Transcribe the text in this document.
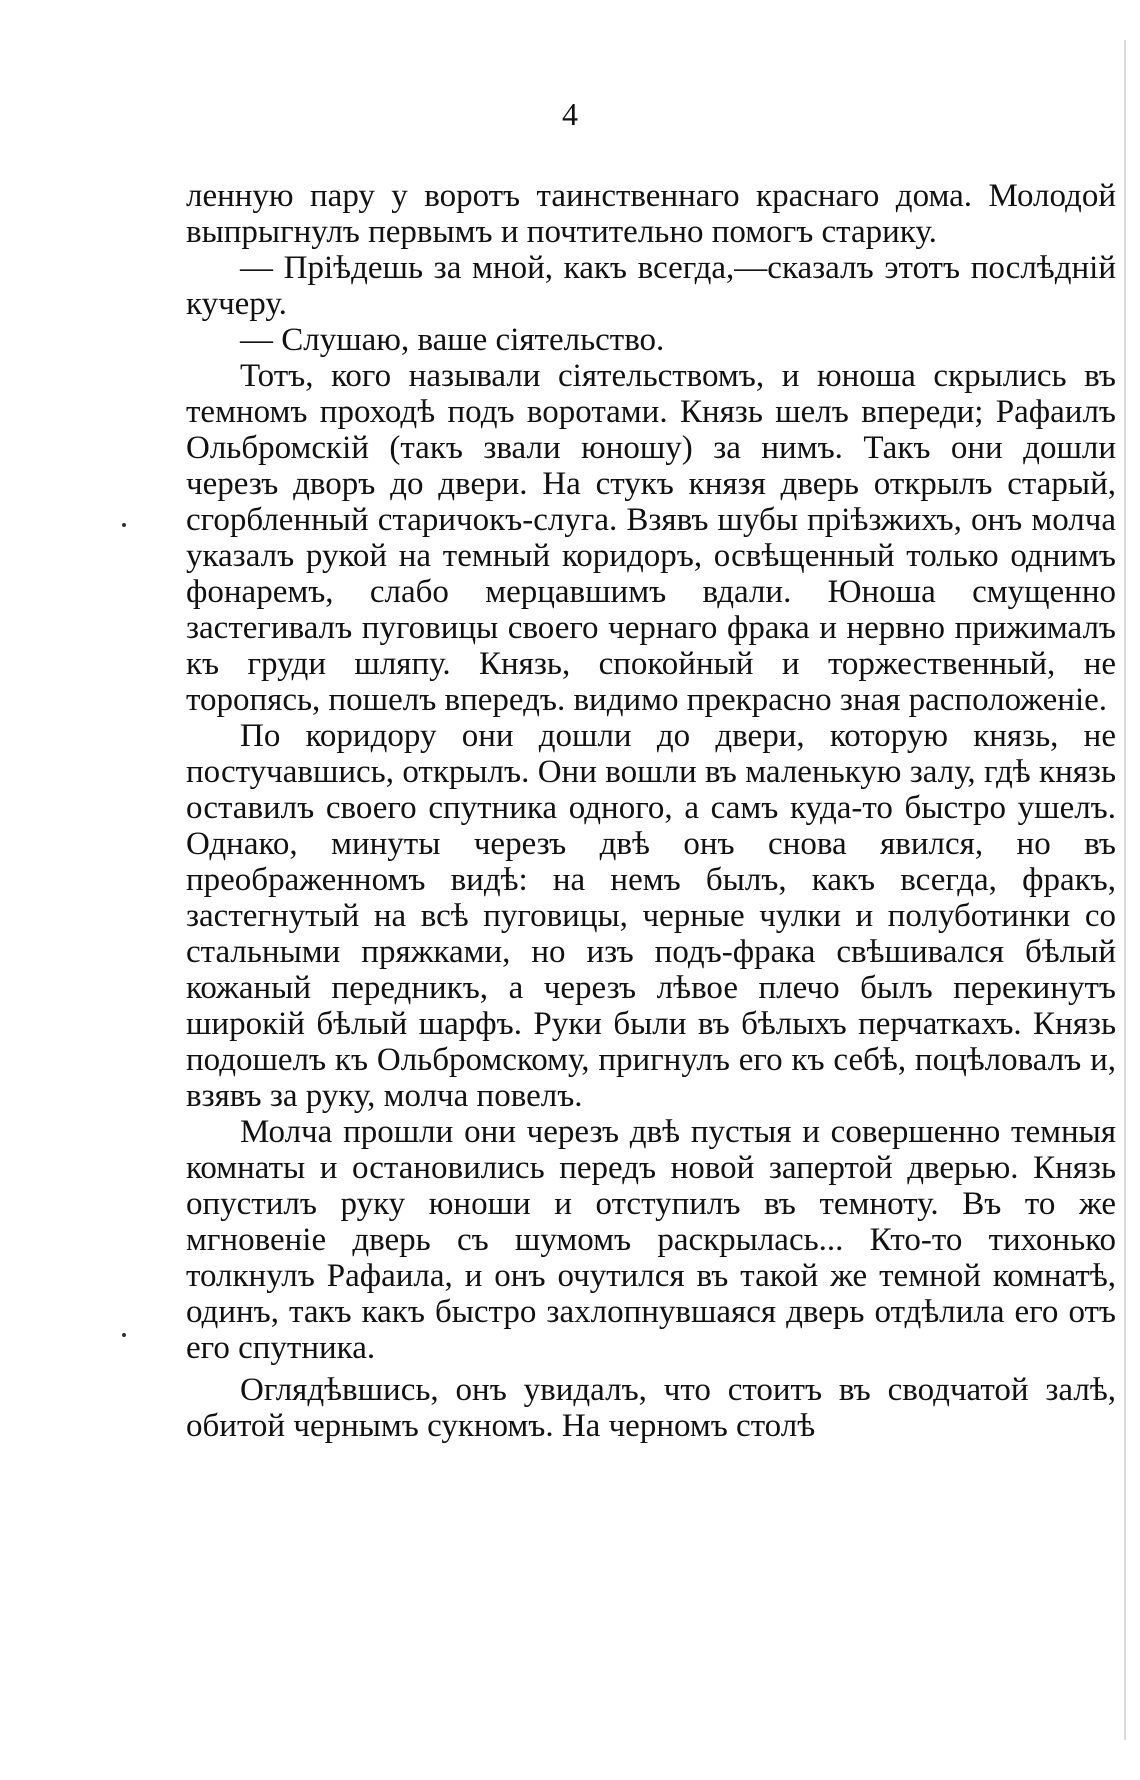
4

ленную пару у воротъ таинственнаго краснаго дома. Молодой выпрыгнулъ первымъ и почтительно помогъ старику.

— Прiѣдешь за мной, какъ всегда,—сказалъ этотъ послѣднiй кучеру.

— Слушаю, ваше сiятельство.

Тотъ, кого называли сiятельствомъ, и юноша скрылись въ темномъ проходѣ подъ воротами. Князь шелъ впереди; Рафаилъ Ольбромскiй (такъ звали юношу) за нимъ. Такъ они дошли черезъ дворъ до двери. На стукъ князя дверь открылъ старый, сгорбленный старичокъ-слуга. Взявъ шубы прiѣзжихъ, онъ молча указалъ рукой на темный коридоръ, освѣщенный только однимъ фонаремъ, слабо мерцавшимъ вдали. Юноша смущенно застегивалъ пуговицы своего чернаго фрака и нервно прижималъ къ груди шляпу. Князь, спокойный и торжественный, не торопясь, пошелъ впередъ. видимо прекрасно зная расположенiе.

По коридору они дошли до двери, которую князь, не постучавшись, открылъ. Они вошли въ маленькую залу, гдѣ князь оставилъ своего спутника одного, а самъ куда-то быстро ушелъ. Однако, минуты черезъ двѣ онъ снова явился, но въ преображенномъ видѣ: на немъ былъ, какъ всегда, фракъ, застегнутый на всѣ пуговицы, черные чулки и полуботинки со стальными пряжками, но изъ подъ-фрака свѣшивался бѣлый кожаный передникъ, а черезъ лѣвое плечо былъ перекинутъ широкiй бѣлый шарфъ. Руки были въ бѣлыхъ перчаткахъ. Князь подошелъ къ Ольбромскому, пригнулъ его къ себѣ, поцѣловалъ и, взявъ за руку, молча повелъ.

Молча прошли они черезъ двѣ пустыя и совершенно темныя комнаты и остановились передъ новой запертой дверью. Князь опустилъ руку юноши и отступилъ въ темноту. Въ то же мгновенiе дверь съ шумомъ раскрылась... Кто-то тихонько толкнулъ Рафаила, и онъ очутился въ такой же темной комнатѣ, одинъ, такъ какъ быстро захлопнувшаяся дверь отдѣлила его отъ его спутника.

Оглядѣвшись, онъ увидалъ, что стоитъ въ сводчатой залѣ, обитой чернымъ сукномъ. На черномъ столѣ
